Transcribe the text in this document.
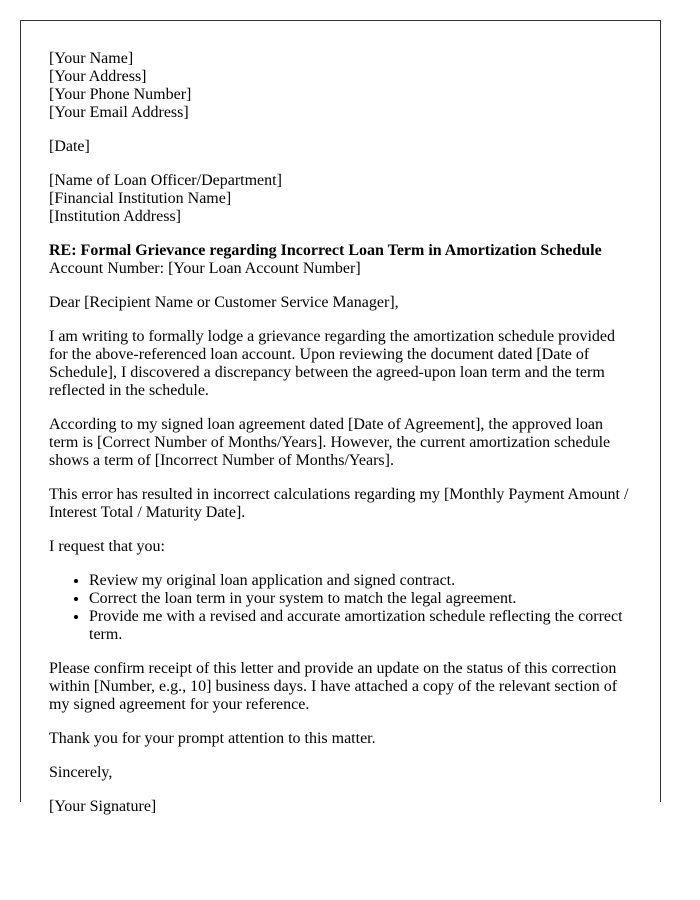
[Your Name]
[Your Address]
[Your Phone Number]
[Your Email Address]
[Date]
[Name of Loan Officer/Department]
[Financial Institution Name]
[Institution Address]
RE: Formal Grievance regarding Incorrect Loan Term in Amortization Schedule
Account Number: [Your Loan Account Number]

Dear [Recipient Name or Customer Service Manager],

I am writing to formally lodge a grievance regarding the amortization schedule provided for the above-referenced loan account. Upon reviewing the document dated [Date of Schedule], I discovered a discrepancy between the agreed-upon loan term and the term reflected in the schedule.

According to my signed loan agreement dated [Date of Agreement], the approved loan term is [Correct Number of Months/Years]. However, the current amortization schedule shows a term of [Incorrect Number of Months/Years].

This error has resulted in incorrect calculations regarding my [Monthly Payment Amount / Interest Total / Maturity Date].

I request that you:

• Review my original loan application and signed contract.
• Correct the loan term in your system to match the legal agreement.
• Provide me with a revised and accurate amortization schedule reflecting the correct term.

Please confirm receipt of this letter and provide an update on the status of this correction within [Number, e.g., 10] business days. I have attached a copy of the relevant section of my signed agreement for your reference.

Thank you for your prompt attention to this matter.

Sincerely,

[Your Signature]
